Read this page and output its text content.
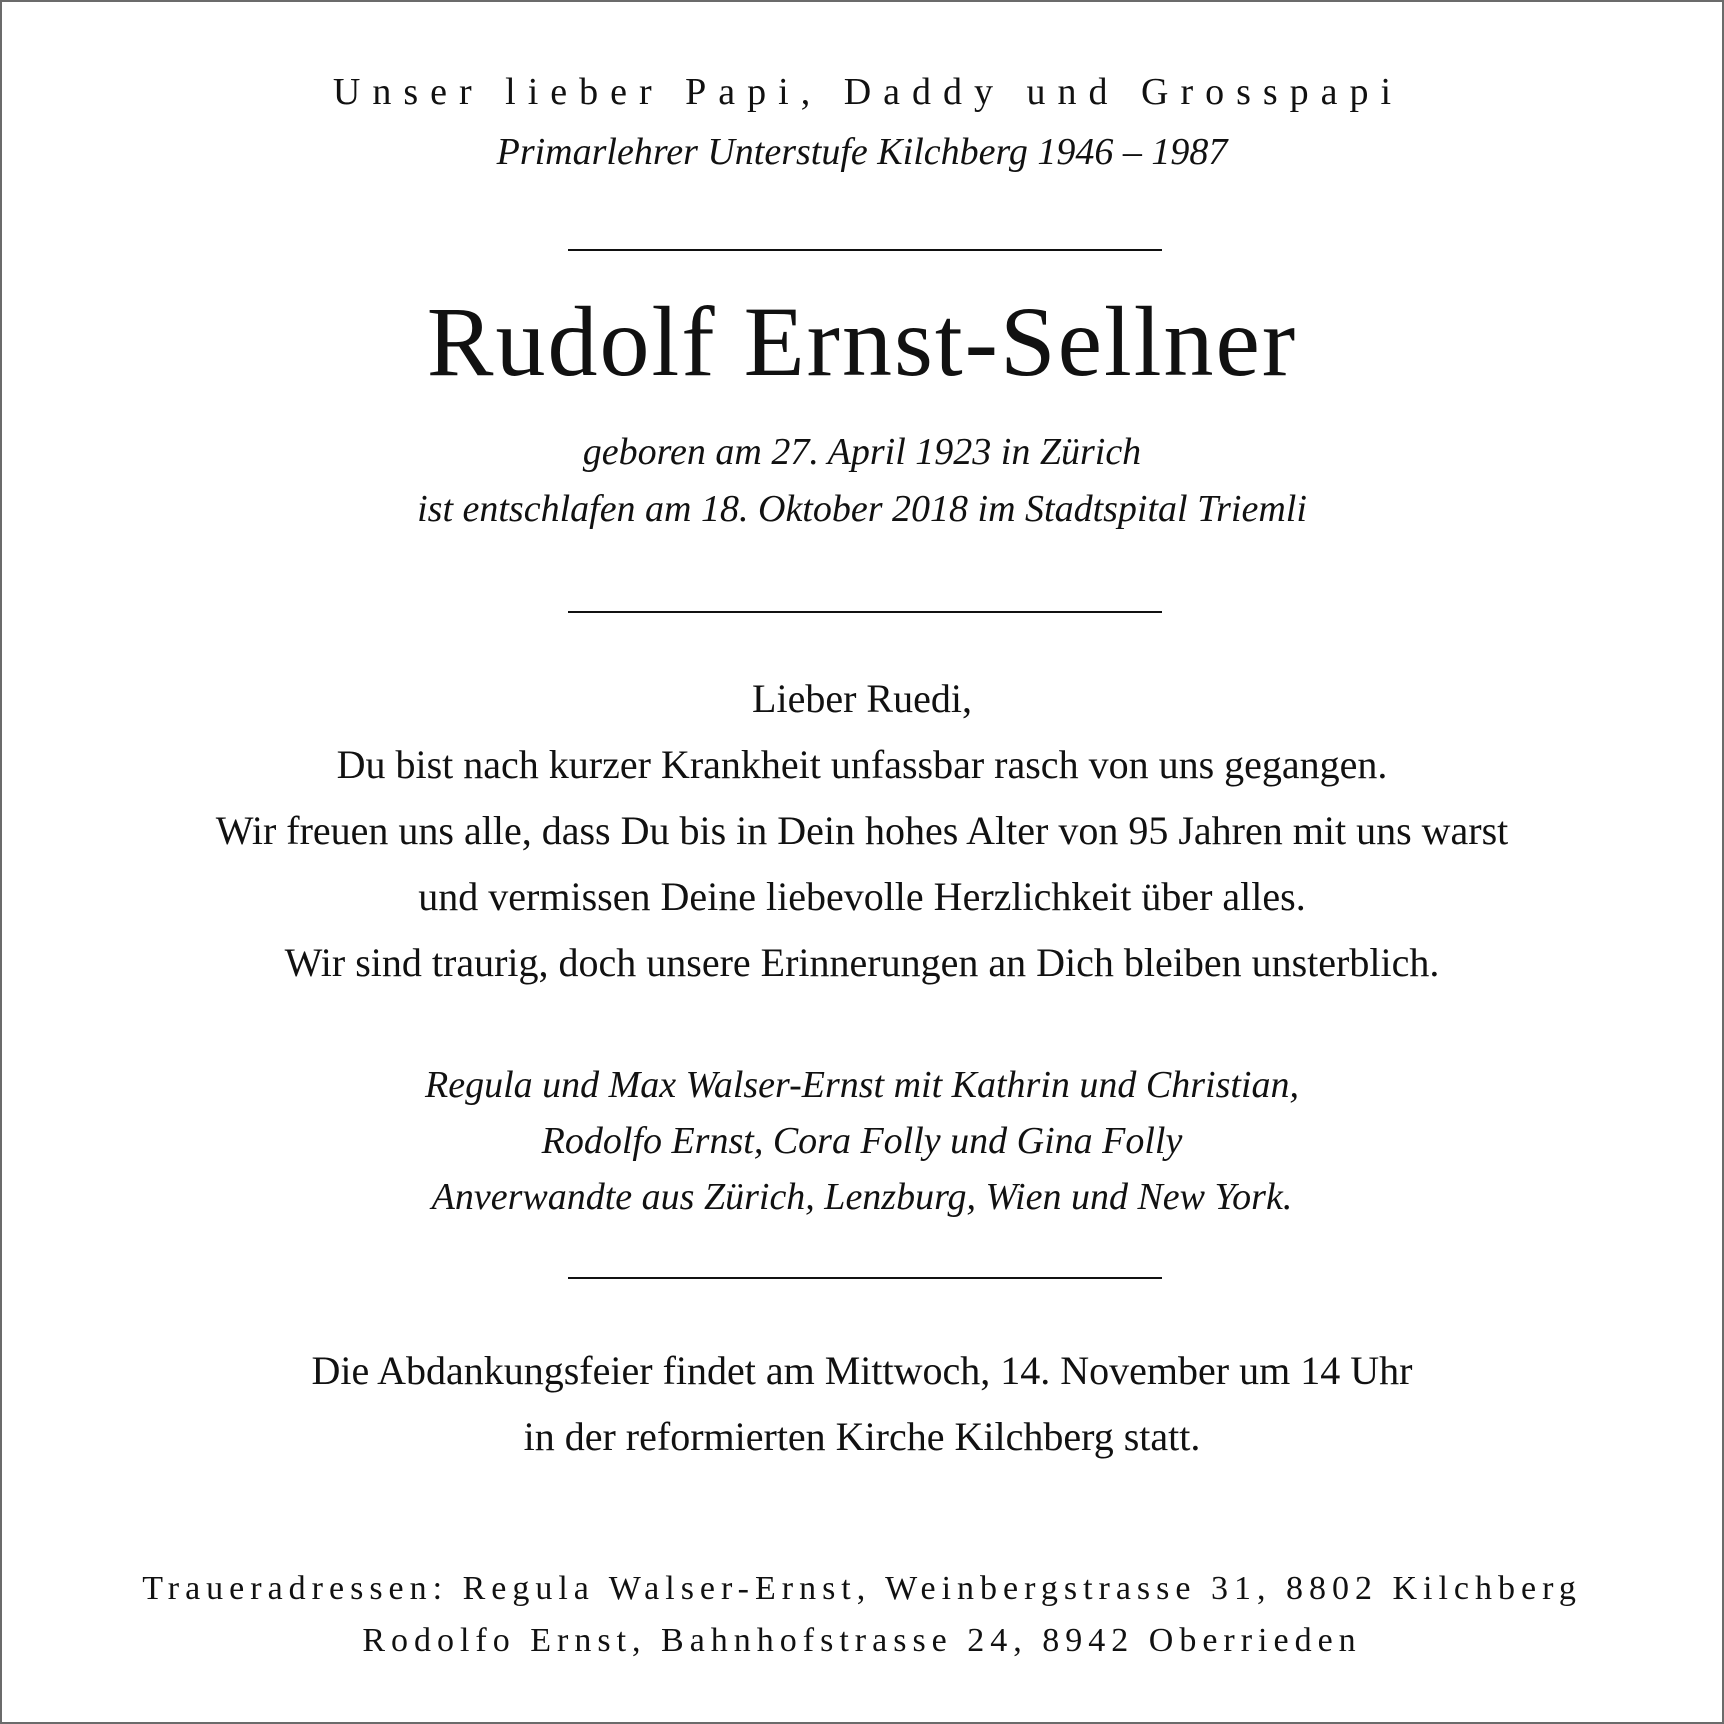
Unser lieber Papi, Daddy und Grosspapi
Primarlehrer Unterstufe Kilchberg 1946 – 1987
Rudolf Ernst-Sellner
geboren am 27. April 1923 in Zürich
ist entschlafen am 18. Oktober 2018 im Stadtspital Triemli
Lieber Ruedi,
Du bist nach kurzer Krankheit unfassbar rasch von uns gegangen.
Wir freuen uns alle, dass Du bis in Dein hohes Alter von 95 Jahren mit uns warst
und vermissen Deine liebevolle Herzlichkeit über alles.
Wir sind traurig, doch unsere Erinnerungen an Dich bleiben unsterblich.
Regula und Max Walser-Ernst mit Kathrin und Christian,
Rodolfo Ernst, Cora Folly und Gina Folly
Anverwandte aus Zürich, Lenzburg, Wien und New York.
Die Abdankungsfeier findet am Mittwoch, 14. November um 14 Uhr
in der reformierten Kirche Kilchberg statt.
Traueradressen: Regula Walser-Ernst, Weinbergstrasse 31, 8802 Kilchberg
Rodolfo Ernst, Bahnhofstrasse 24, 8942 Oberrieden
